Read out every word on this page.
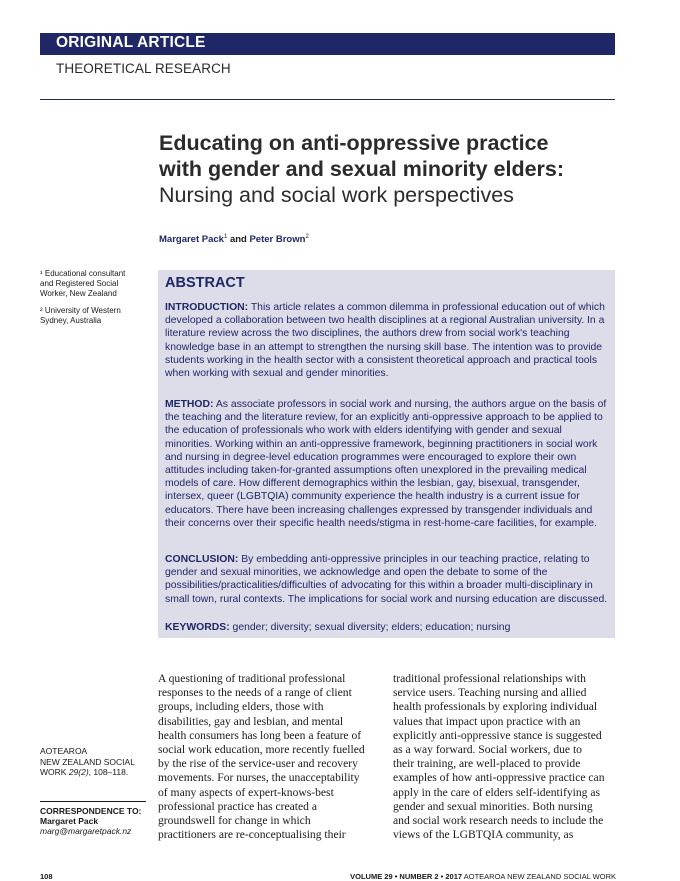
ORIGINAL ARTICLE
THEORETICAL RESEARCH
Educating on anti-oppressive practice
with gender and sexual minority elders:
Nursing and social work perspectives
Margaret Pack$^1$ and Peter Brown$^2$
¹ Educational consultant
and Registered Social
Worker, New Zealand
² University of Western
Sydney, Australia
ABSTRACT
INTRODUCTION: This article relates a common dilemma in professional education out of which developed a collaboration between two health disciplines at a regional Australian university. In a literature review across the two disciplines, the authors drew from social work's teaching knowledge base in an attempt to strengthen the nursing skill base. The intention was to provide students working in the health sector with a consistent theoretical approach and practical tools when working with sexual and gender minorities.
METHOD: As associate professors in social work and nursing, the authors argue on the basis of the teaching and the literature review, for an explicitly anti-oppressive approach to be applied to the education of professionals who work with elders identifying with gender and sexual minorities. Working within an anti-oppressive framework, beginning practitioners in social work and nursing in degree-level education programmes were encouraged to explore their own attitudes including taken-for-granted assumptions often unexplored in the prevailing medical models of care. How different demographics within the lesbian, gay, bisexual, transgender, intersex, queer (LGBTQIA) community experience the health industry is a current issue for educators. There have been increasing challenges expressed by transgender individuals and their concerns over their specific health needs/stigma in rest-home-care facilities, for example.
CONCLUSION: By embedding anti-oppressive principles in our teaching practice, relating to gender and sexual minorities, we acknowledge and open the debate to some of the possibilities/practicalities/difficulties of advocating for this within a broader multi-disciplinary in small town, rural contexts. The implications for social work and nursing education are discussed.
KEYWORDS: gender; diversity; sexual diversity; elders; education; nursing
A questioning of traditional professional responses to the needs of a range of client groups, including elders, those with disabilities, gay and lesbian, and mental health consumers has long been a feature of social work education, more recently fuelled by the rise of the service-user and recovery movements. For nurses, the unacceptability of many aspects of expert-knows-best professional practice has created a groundswell for change in which practitioners are re-conceptualising their
traditional professional relationships with service users. Teaching nursing and allied health professionals by exploring individual values that impact upon practice with an explicitly anti-oppressive stance is suggested as a way forward. Social workers, due to their training, are well-placed to provide examples of how anti-oppressive practice can apply in the care of elders self-identifying as gender and sexual minorities. Both nursing and social work research needs to include the views of the LGBTQIA community, as
AOTEAROA
NEW ZEALAND SOCIAL
WORK 29(2), 108–118.
CORRESPONDENCE TO:
Margaret Pack
marg@margaretpack.nz
108	VOLUME 29 • NUMBER 2 • 2017 AOTEAROA NEW ZEALAND SOCIAL WORK
